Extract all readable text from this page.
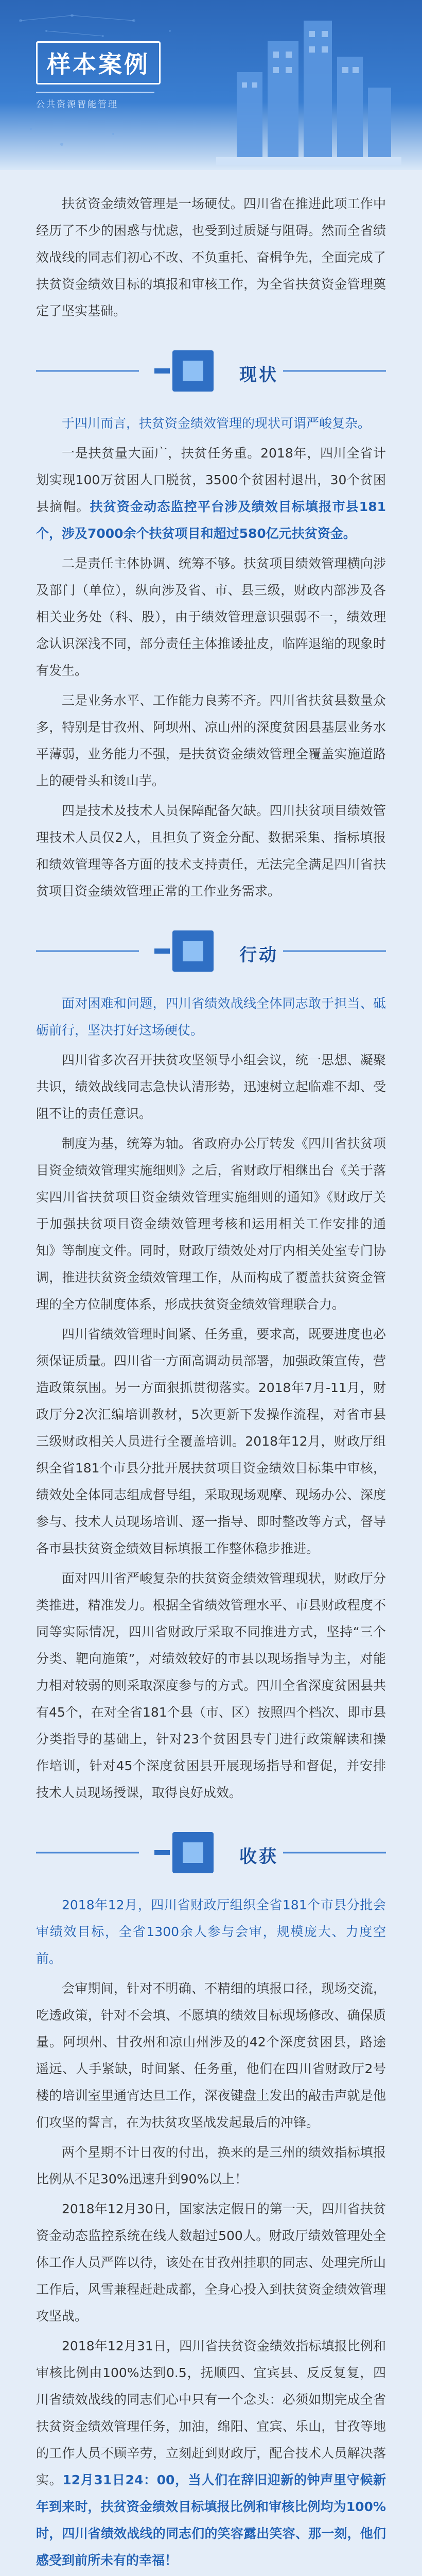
样本案例
公共资源智能管理

扶贫资金绩效管理是一场硬仗。四川省在推进此项工作中经历了不少的困惑与忧虑，也受到过质疑与阻碍。然而全省绩效战线的同志们初心不改、不负重托、奋楫争先，全面完成了扶贫资金绩效目标的填报和审核工作，为全省扶贫资金管理奠定了坚实基础。

现状

于四川而言，扶贫资金绩效管理的现状可谓严峻复杂。

一是扶贫量大面广，扶贫任务重。2018年，四川全省计划实现100万贫困人口脱贫，3500个贫困村退出，30个贫困县摘帽。扶贫资金动态监控平台涉及绩效目标填报市县181个，涉及7000余个扶贫项目和超过580亿元扶贫资金。

二是责任主体协调、统筹不够。扶贫项目绩效管理横向涉及部门（单位），纵向涉及省、市、县三级，财政内部涉及各相关业务处（科、股），由于绩效管理意识强弱不一，绩效理念认识深浅不同，部分责任主体推诿扯皮，临阵退缩的现象时有发生。

三是业务水平、工作能力良莠不齐。四川省扶贫县数量众多，特别是甘孜州、阿坝州、凉山州的深度贫困县基层业务水平薄弱，业务能力不强，是扶贫资金绩效管理全覆盖实施道路上的硬骨头和烫山芋。

四是技术及技术人员保障配备欠缺。四川扶贫项目绩效管理技术人员仅2人，且担负了资金分配、数据采集、指标填报和绩效管理等各方面的技术支持责任，无法完全满足四川省扶贫项目资金绩效管理正常的工作业务需求。

行动

面对困难和问题，四川省绩效战线全体同志敢于担当、砥砺前行，坚决打好这场硬仗。

四川省多次召开扶贫攻坚领导小组会议，统一思想、凝聚共识，绩效战线同志急快认清形势，迅速树立起临难不却、受阻不让的责任意识。

制度为基，统筹为轴。省政府办公厅转发《四川省扶贫项目资金绩效管理实施细则》之后，省财政厅相继出台《关于落实四川省扶贫项目资金绩效管理实施细则的通知》《财政厅关于加强扶贫项目资金绩效管理考核和运用相关工作安排的通知》等制度文件。同时，财政厅绩效处对厅内相关处室专门协调，推进扶贫资金绩效管理工作，从而构成了覆盖扶贫资金管理的全方位制度体系，形成扶贫资金绩效管理联合力。

四川省绩效管理时间紧、任务重，要求高，既要进度也必须保证质量。四川省一方面高调动员部署，加强政策宣传，营造政策氛围。另一方面狠抓贯彻落实。2018年7月-11月，财政厅分2次汇编培训教材，5次更新下发操作流程，对省市县三级财政相关人员进行全覆盖培训。2018年12月，财政厅组织全省181个市县分批开展扶贫项目资金绩效目标集中审核，绩效处全体同志组成督导组，采取现场观摩、现场办公、深度参与、技术人员现场培训、逐一指导、即时整改等方式，督导各市县扶贫资金绩效目标填报工作整体稳步推进。

面对四川省严峻复杂的扶贫资金绩效管理现状，财政厅分类推进，精准发力。根据全省绩效管理水平、市县财政程度不同等实际情况，四川省财政厅采取不同推进方式，坚持“三个分类、靶向施策”，对绩效较好的市县以现场指导为主，对能力相对较弱的则采取深度参与的方式。四川全省深度贫困县共有45个，在对全省181个县（市、区）按照四个档次、即市县分类指导的基础上，针对23个贫困县专门进行政策解读和操作培训，针对45个深度贫困县开展现场指导和督促，并安排技术人员现场授课，取得良好成效。

收获

2018年12月，四川省财政厅组织全省181个市县分批会审绩效目标，全省1300余人参与会审，规模庞大、力度空前。

会审期间，针对不明确、不精细的填报口径，现场交流，吃透政策，针对不会填、不愿填的绩效目标现场修改、确保质量。阿坝州、甘孜州和凉山州涉及的42个深度贫困县，路途遥远、人手紧缺，时间紧、任务重，他们在四川省财政厅2号楼的培训室里通宵达旦工作，深夜键盘上发出的敲击声就是他们攻坚的誓言，在为扶贫攻坚战发起最后的冲锋。

两个星期不计日夜的付出，换来的是三州的绩效指标填报比例从不足30%迅速升到90%以上！

2018年12月30日，国家法定假日的第一天，四川省扶贫资金动态监控系统在线人数超过500人。财政厅绩效管理处全体工作人员严阵以待，该处在甘孜州挂职的同志、处理完所山工作后，风雪兼程赶赴成都，全身心投入到扶贫资金绩效管理攻坚战。

2018年12月31日，四川省扶贫资金绩效指标填报比例和审核比例由100%达到0.5，抚顺四、宜宾县、反反复复，四川省绩效战线的同志们心中只有一个念头：必须如期完成全省扶贫资金绩效管理任务，加油，绵阳、宜宾、乐山，甘孜等地的工作人员不顾辛劳，立刻赶到财政厅，配合技术人员解决落实。12月31日24：00，当人们在辞旧迎新的钟声里守候新年到来时，扶贫资金绩效目标填报比例和审核比例均为100%时，四川省绩效战线的同志们的笑容露出笑容、那一刻，他们感受到前所未有的幸福！
